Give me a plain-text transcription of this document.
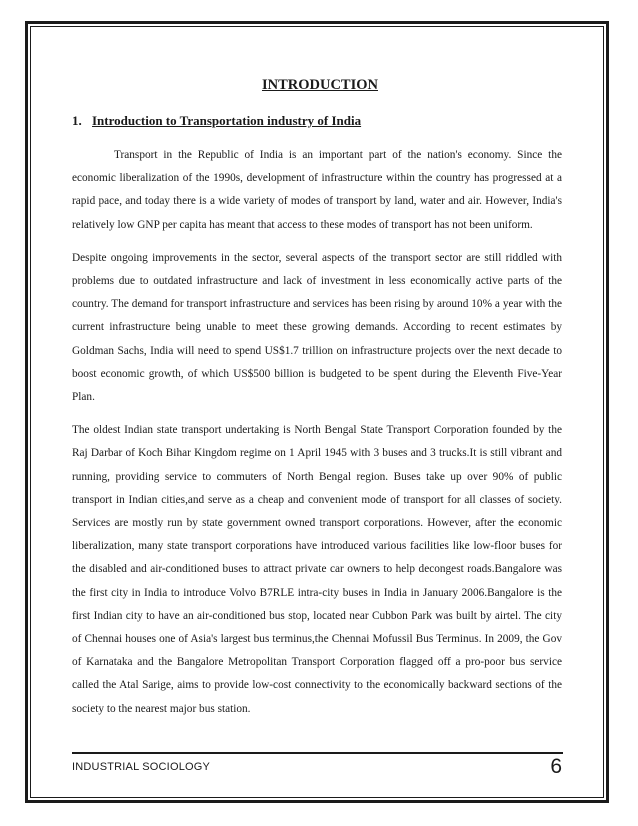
INTRODUCTION
1. Introduction to Transportation industry of India

Transport in the Republic of India is an important part of the nation's economy. Since the economic liberalization of the 1990s, development of infrastructure within the country has progressed at a rapid pace, and today there is a wide variety of modes of transport by land, water and air. However, India's relatively low GNP per capita has meant that access to these modes of transport has not been uniform.

Despite ongoing improvements in the sector, several aspects of the transport sector are still riddled with problems due to outdated infrastructure and lack of investment in less economically active parts of the country. The demand for transport infrastructure and services has been rising by around 10% a year with the current infrastructure being unable to meet these growing demands. According to recent estimates by Goldman Sachs, India will need to spend US$1.7 trillion on infrastructure projects over the next decade to boost economic growth, of which US$500 billion is budgeted to be spent during the Eleventh Five-Year Plan.

The oldest Indian state transport undertaking is North Bengal State Transport Corporation founded by the Raj Darbar of Koch Bihar Kingdom regime on 1 April 1945 with 3 buses and 3 trucks.It is still vibrant and running, providing service to commuters of North Bengal region. Buses take up over 90% of public transport in Indian cities,and serve as a cheap and convenient mode of transport for all classes of society. Services are mostly run by state government owned transport corporations. However, after the economic liberalization, many state transport corporations have introduced various facilities like low-floor buses for the disabled and air-conditioned buses to attract private car owners to help decongest roads.Bangalore was the first city in India to introduce Volvo B7RLE intra-city buses in India in January 2006.Bangalore is the first Indian city to have an air-conditioned bus stop, located near Cubbon Park was built by airtel. The city of Chennai houses one of Asia's largest bus terminus,the Chennai Mofussil Bus Terminus. In 2009, the Gov of Karnataka and the Bangalore Metropolitan Transport Corporation flagged off a pro-poor bus service called the Atal Sarige, aims to provide low-cost connectivity to the economically backward sections of the society to the nearest major bus station.

INDUSTRIAL SOCIOLOGY	6
